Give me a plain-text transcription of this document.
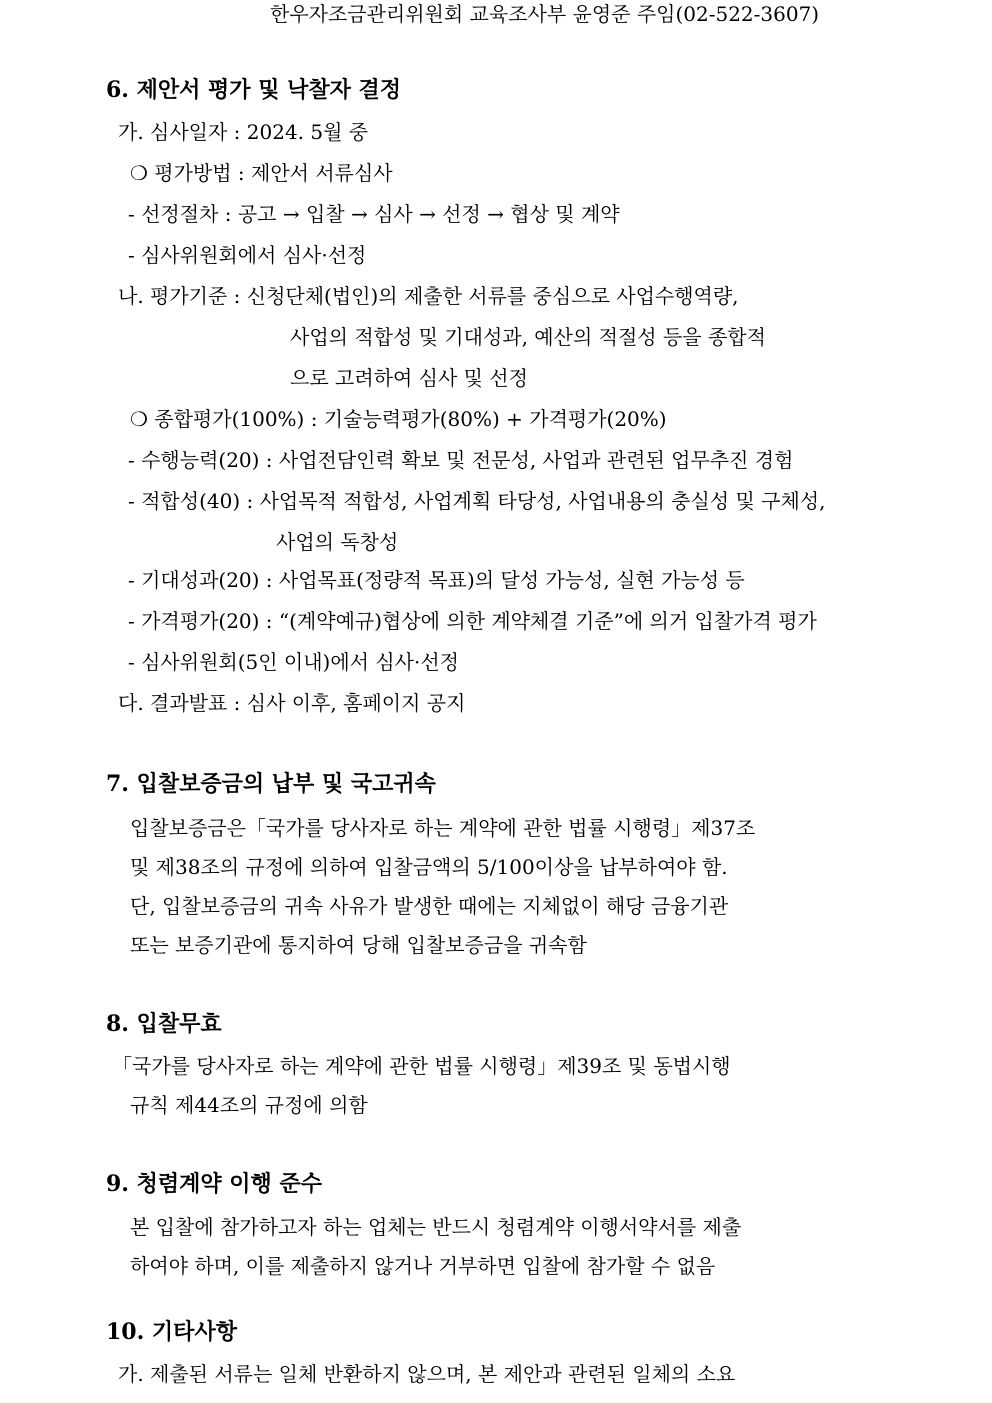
한우자조금관리위원회 교육조사부 윤영준 주임(02-522-3607)
6. 제안서 평가 및 낙찰자 결정
가. 심사일자 : 2024. 5월 중
❍ 평가방법 : 제안서 서류심사
- 선정절차 : 공고 → 입찰 → 심사 → 선정 → 협상 및 계약
- 심사위원회에서 심사·선정
나. 평가기준 : 신청단체(법인)의 제출한 서류를 중심으로 사업수행역량,
사업의 적합성 및 기대성과, 예산의 적절성 등을 종합적
으로 고려하여 심사 및 선정
❍ 종합평가(100%) : 기술능력평가(80%) + 가격평가(20%)
- 수행능력(20) : 사업전담인력 확보 및 전문성, 사업과 관련된 업무추진 경험
- 적합성(40) : 사업목적 적합성, 사업계획 타당성, 사업내용의 충실성 및 구체성,
사업의 독창성
- 기대성과(20) : 사업목표(정량적 목표)의 달성 가능성, 실현 가능성 등
- 가격평가(20) : “(계약예규)협상에 의한 계약체결 기준”에 의거 입찰가격 평가
- 심사위원회(5인 이내)에서 심사·선정
다. 결과발표 : 심사 이후, 홈페이지 공지
7. 입찰보증금의 납부 및 국고귀속
입찰보증금은「국가를 당사자로 하는 계약에 관한 법률 시행령」제37조
및 제38조의 규정에 의하여 입찰금액의 5/100이상을 납부하여야 함.
단, 입찰보증금의 귀속 사유가 발생한 때에는 지체없이 해당 금융기관
또는 보증기관에 통지하여 당해 입찰보증금을 귀속함
8. 입찰무효
「국가를 당사자로 하는 계약에 관한 법률 시행령」제39조 및 동법시행
규칙 제44조의 규정에 의함
9. 청렴계약 이행 준수
본 입찰에 참가하고자 하는 업체는 반드시 청렴계약 이행서약서를 제출
하여야 하며, 이를 제출하지 않거나 거부하면 입찰에 참가할 수 없음
10. 기타사항
가. 제출된 서류는 일체 반환하지 않으며, 본 제안과 관련된 일체의 소요
